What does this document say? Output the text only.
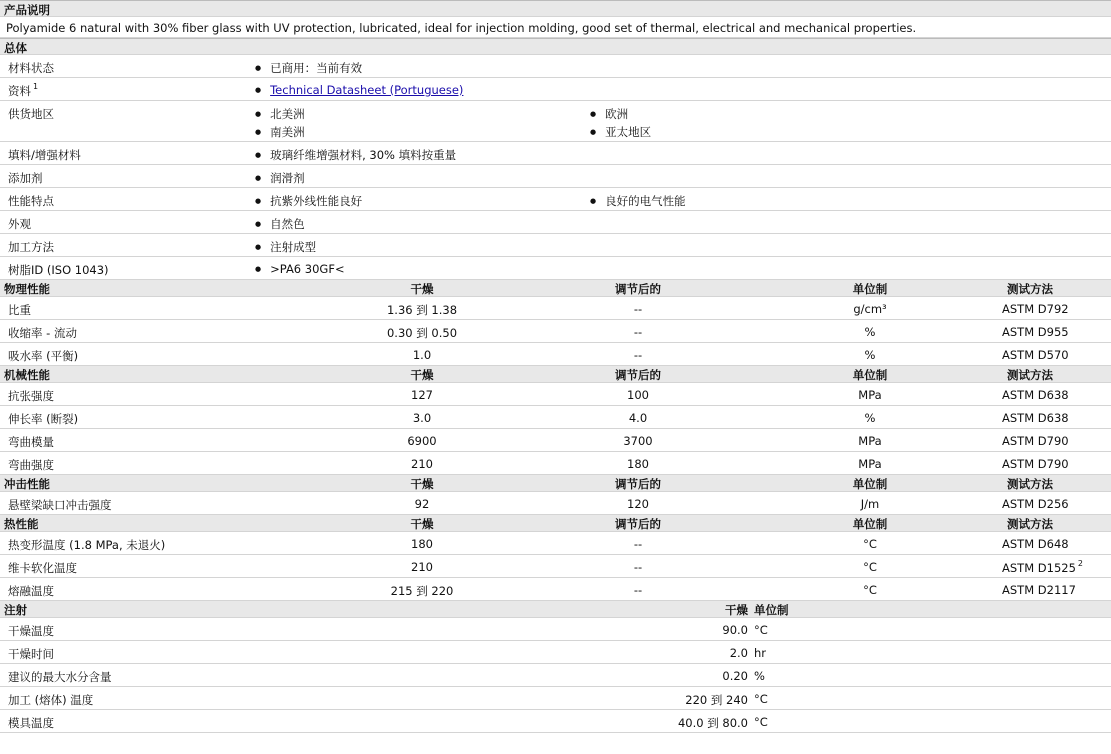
产品说明
Polyamide 6 natural with 30% fiber glass with UV protection, lubricated, ideal for injection molding, good set of thermal, electrical and mechanical properties.
总体
材料状态	● 已商用：当前有效
资料 $^1$	● Technical Datasheet (Portuguese)
供货地区	● 北美洲	● 欧洲
● 南美洲	● 亚太地区
填料/增强材料	● 玻璃纤维增强材料, 30% 填料按重量
添加剂	● 润滑剂
性能特点	● 抗紫外线性能良好	● 良好的电气性能
外观	● 自然色
加工方法	● 注射成型
树脂ID (ISO 1043)	● >PA6 30GF<
物理性能	干燥	调节后的	单位制	测试方法
比重	1.36 到 1.38	--	g/cm³	ASTM D792
收缩率 - 流动	0.30 到 0.50	--	%	ASTM D955
吸水率 (平衡)	1.0	--	%	ASTM D570
机械性能	干燥	调节后的	单位制	测试方法
抗张强度	127	100	MPa	ASTM D638
伸长率 (断裂)	3.0	4.0	%	ASTM D638
弯曲模量	6900	3700	MPa	ASTM D790
弯曲强度	210	180	MPa	ASTM D790
冲击性能	干燥	调节后的	单位制	测试方法
悬壁梁缺口冲击强度	92	120	J/m	ASTM D256
热性能	干燥	调节后的	单位制	测试方法
热变形温度 (1.8 MPa, 未退火)	180	--	°C	ASTM D648
维卡软化温度	210	--	°C	ASTM D1525 $^2$
熔融温度	215 到 220	--	°C	ASTM D2117
注射	干燥 单位制
干燥温度	90.0 °C
干燥时间	2.0 hr
建议的最大水分含量	0.20 %
加工 (熔体) 温度	220 到 240 °C
模具温度	40.0 到 80.0 °C
